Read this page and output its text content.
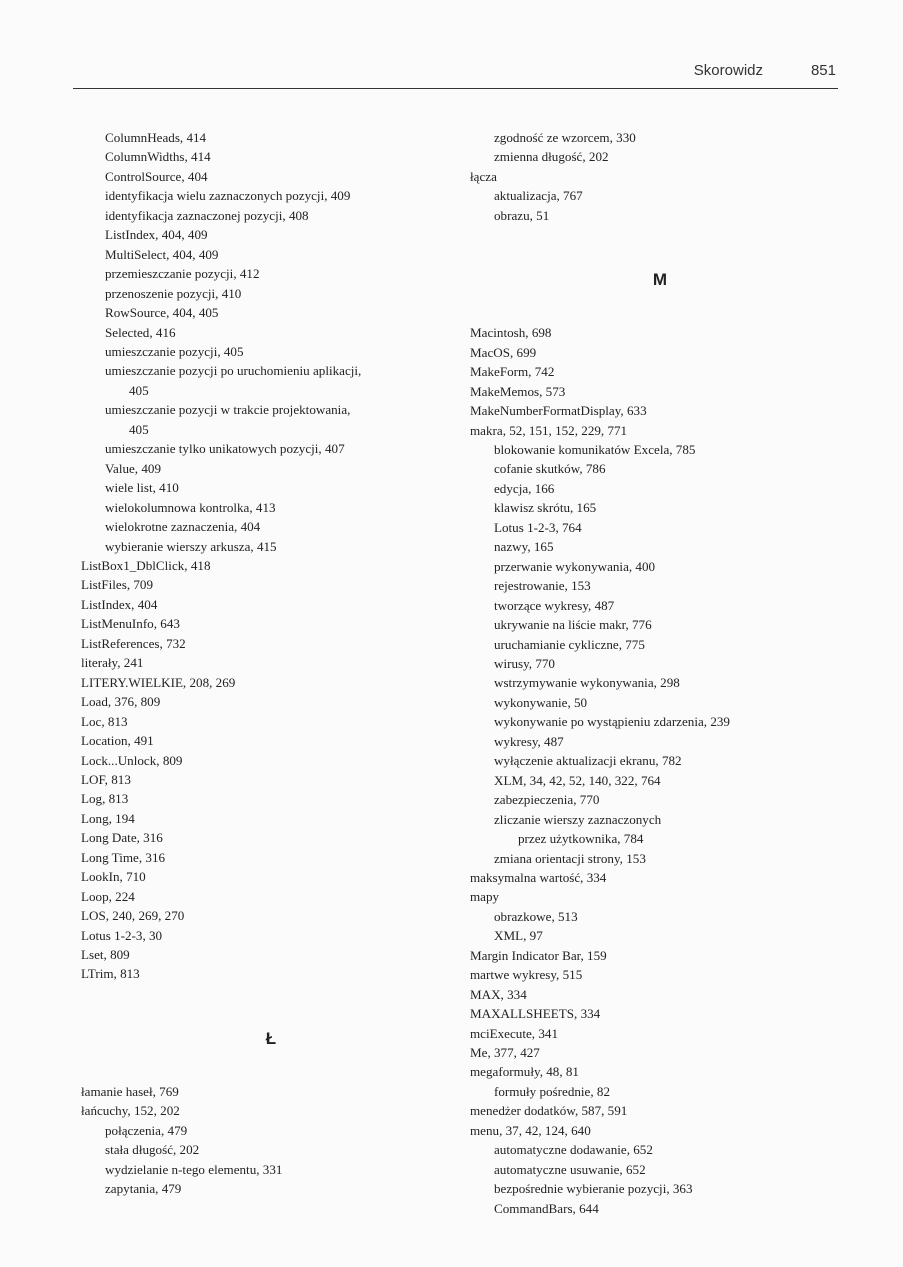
Skorowidz	851
ColumnHeads, 414
ColumnWidths, 414
ControlSource, 404
identyfikacja wielu zaznaczonych pozycji, 409
identyfikacja zaznaczonej pozycji, 408
ListIndex, 404, 409
MultiSelect, 404, 409
przemieszczanie pozycji, 412
przenoszenie pozycji, 410
RowSource, 404, 405
Selected, 416
umieszczanie pozycji, 405
umieszczanie pozycji po uruchomieniu aplikacji,
405
umieszczanie pozycji w trakcie projektowania,
405
umieszczanie tylko unikatowych pozycji, 407
Value, 409
wiele list, 410
wielokolumnowa kontrolka, 413
wielokrotne zaznaczenia, 404
wybieranie wierszy arkusza, 415
ListBox1_DblClick, 418
ListFiles, 709
ListIndex, 404
ListMenuInfo, 643
ListReferences, 732
literały, 241
LITERY.WIELKIE, 208, 269
Load, 376, 809
Loc, 813
Location, 491
Lock...Unlock, 809
LOF, 813
Log, 813
Long, 194
Long Date, 316
Long Time, 316
LookIn, 710
Loop, 224
LOS, 240, 269, 270
Lotus 1-2-3, 30
Lset, 809
LTrim, 813
Ł
łamanie haseł, 769
łańcuchy, 152, 202
połączenia, 479
stała długość, 202
wydzielanie n-tego elementu, 331
zapytania, 479
zgodność ze wzorcem, 330
zmienna długość, 202
łącza
aktualizacja, 767
obrazu, 51
M
Macintosh, 698
MacOS, 699
MakeForm, 742
MakeMemos, 573
MakeNumberFormatDisplay, 633
makra, 52, 151, 152, 229, 771
blokowanie komunikatów Excela, 785
cofanie skutków, 786
edycja, 166
klawisz skrótu, 165
Lotus 1-2-3, 764
nazwy, 165
przerwanie wykonywania, 400
rejestrowanie, 153
tworzące wykresy, 487
ukrywanie na liście makr, 776
uruchamianie cykliczne, 775
wirusy, 770
wstrzymywanie wykonywania, 298
wykonywanie, 50
wykonywanie po wystąpieniu zdarzenia, 239
wykresy, 487
wyłączenie aktualizacji ekranu, 782
XLM, 34, 42, 52, 140, 322, 764
zabezpieczenia, 770
zliczanie wierszy zaznaczonych
przez użytkownika, 784
zmiana orientacji strony, 153
maksymalna wartość, 334
mapy
obrazkowe, 513
XML, 97
Margin Indicator Bar, 159
martwe wykresy, 515
MAX, 334
MAXALLSHEETS, 334
mciExecute, 341
Me, 377, 427
megaformuły, 48, 81
formuły pośrednie, 82
menedżer dodatków, 587, 591
menu, 37, 42, 124, 640
automatyczne dodawanie, 652
automatyczne usuwanie, 652
bezpośrednie wybieranie pozycji, 363
CommandBars, 644
